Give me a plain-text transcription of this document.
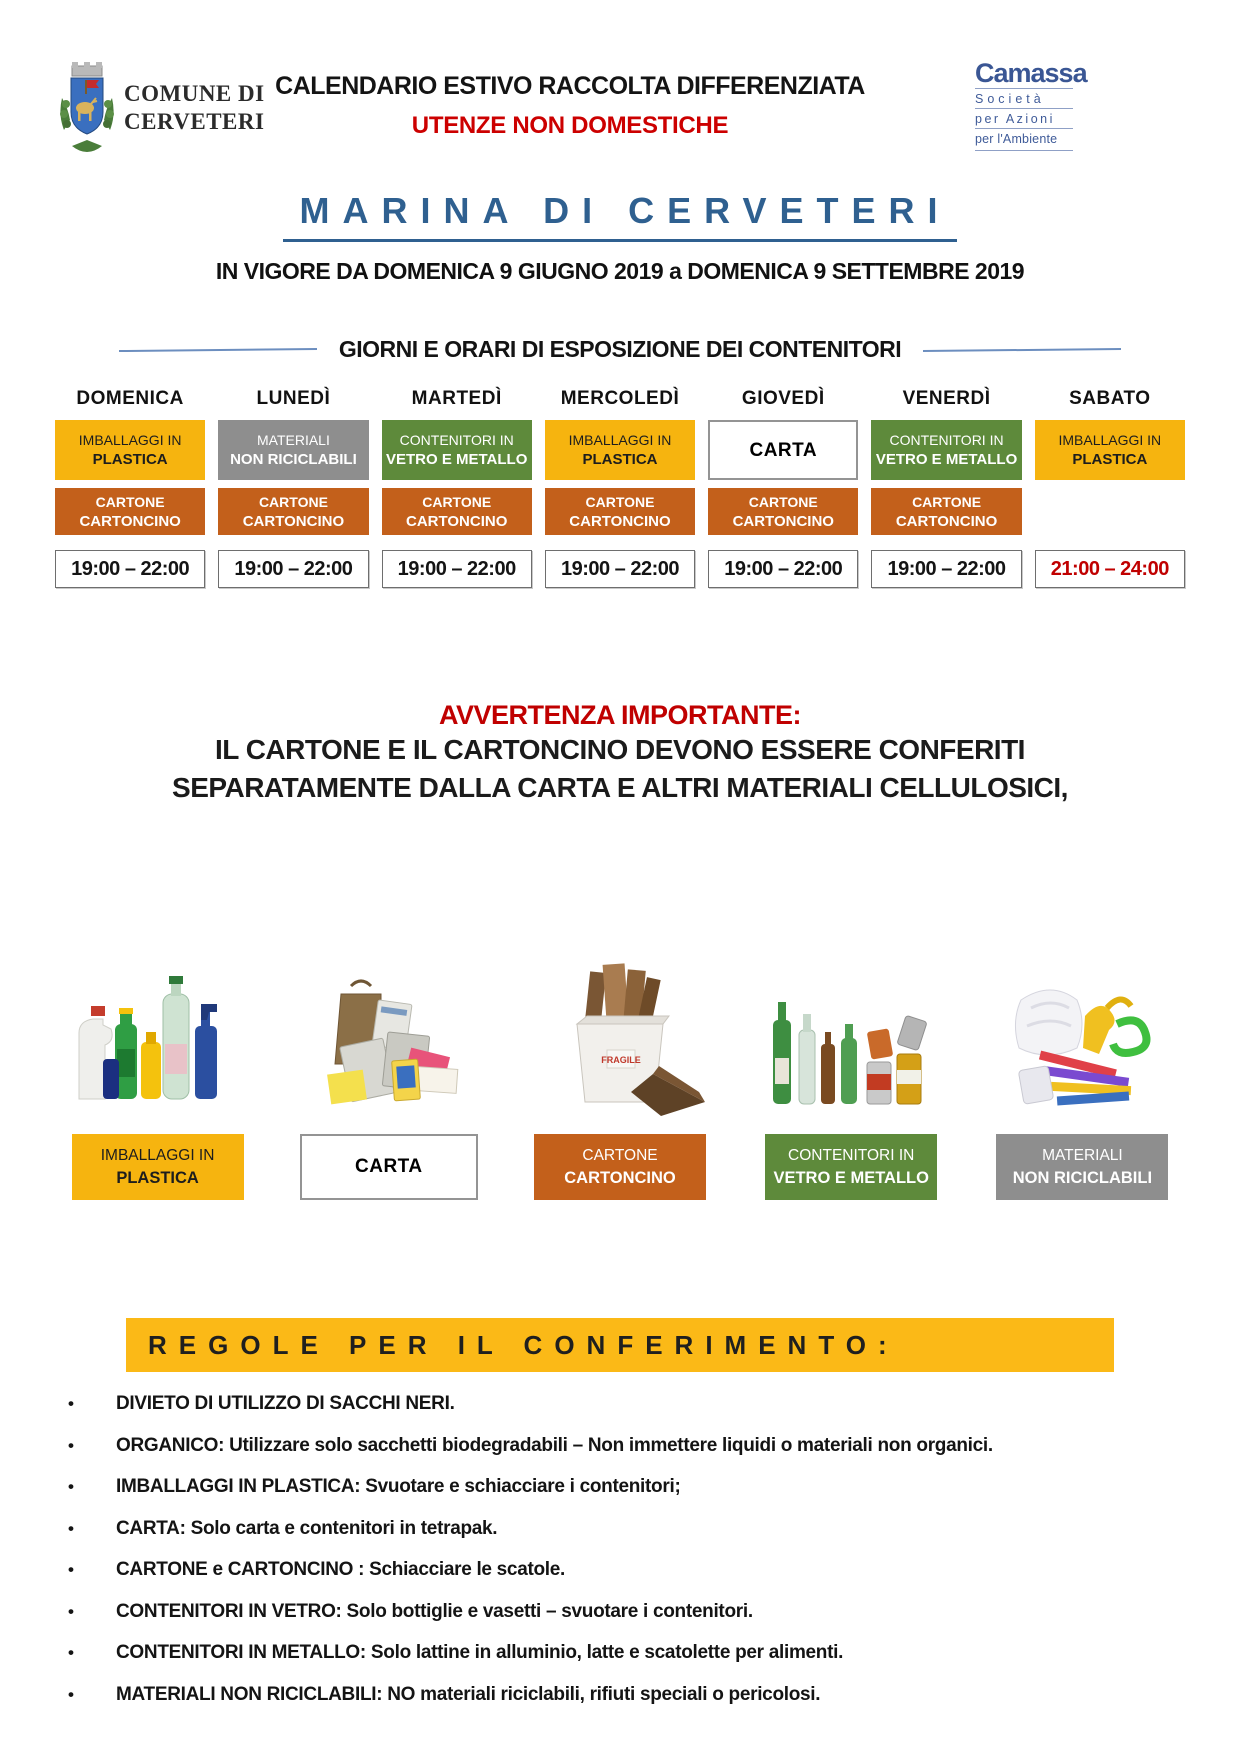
COMUNE DI
CERVETERI
CALENDARIO ESTIVO RACCOLTA DIFFERENZIATA
UTENZE NON DOMESTICHE
Camassa
Società
per Azioni
per l'Ambiente
MARINA DI CERVETERI
IN VIGORE DA DOMENICA 9 GIUGNO 2019 a DOMENICA 9 SETTEMBRE 2019
GIORNI E ORARI DI ESPOSIZIONE DEI CONTENITORI
DOMENICA
IMBALLAGGI IN
PLASTICA
CARTONE
CARTONCINO
19:00 – 22:00
LUNEDÌ
MATERIALI
NON RICICLABILI
CARTONE
CARTONCINO
19:00 – 22:00
MARTEDÌ
CONTENITORI IN
VETRO E METALLO
CARTONE
CARTONCINO
19:00 – 22:00
MERCOLEDÌ
IMBALLAGGI IN
PLASTICA
CARTONE
CARTONCINO
19:00 – 22:00
GIOVEDÌ
CARTA
CARTONE
CARTONCINO
19:00 – 22:00
VENERDÌ
CONTENITORI IN
VETRO E METALLO
CARTONE
CARTONCINO
19:00 – 22:00
SABATO
IMBALLAGGI IN
PLASTICA
21:00 – 24:00
AVVERTENZA IMPORTANTE:
IL CARTONE E IL CARTONCINO DEVONO ESSERE CONFERITI
SEPARATAMENTE DALLA CARTA E ALTRI MATERIALI CELLULOSICI,
IMBALLAGGI IN
PLASTICA
CARTA
FRAGILE
CARTONE
CARTONCINO
CONTENITORI IN
VETRO E METALLO
MATERIALI
NON RICICLABILI
REGOLE PER IL CONFERIMENTO:
• DIVIETO DI UTILIZZO DI SACCHI NERI.
• ORGANICO: Utilizzare solo sacchetti biodegradabili – Non immettere liquidi o materiali non organici.
• IMBALLAGGI IN PLASTICA: Svuotare e schiacciare i contenitori;
• CARTA: Solo carta e contenitori in tetrapak.
• CARTONE e CARTONCINO : Schiacciare le scatole.
• CONTENITORI IN VETRO: Solo bottiglie e vasetti – svuotare i contenitori.
• CONTENITORI IN METALLO: Solo lattine in alluminio, latte e scatolette per alimenti.
• MATERIALI NON RICICLABILI: NO materiali riciclabili, rifiuti speciali o pericolosi.
